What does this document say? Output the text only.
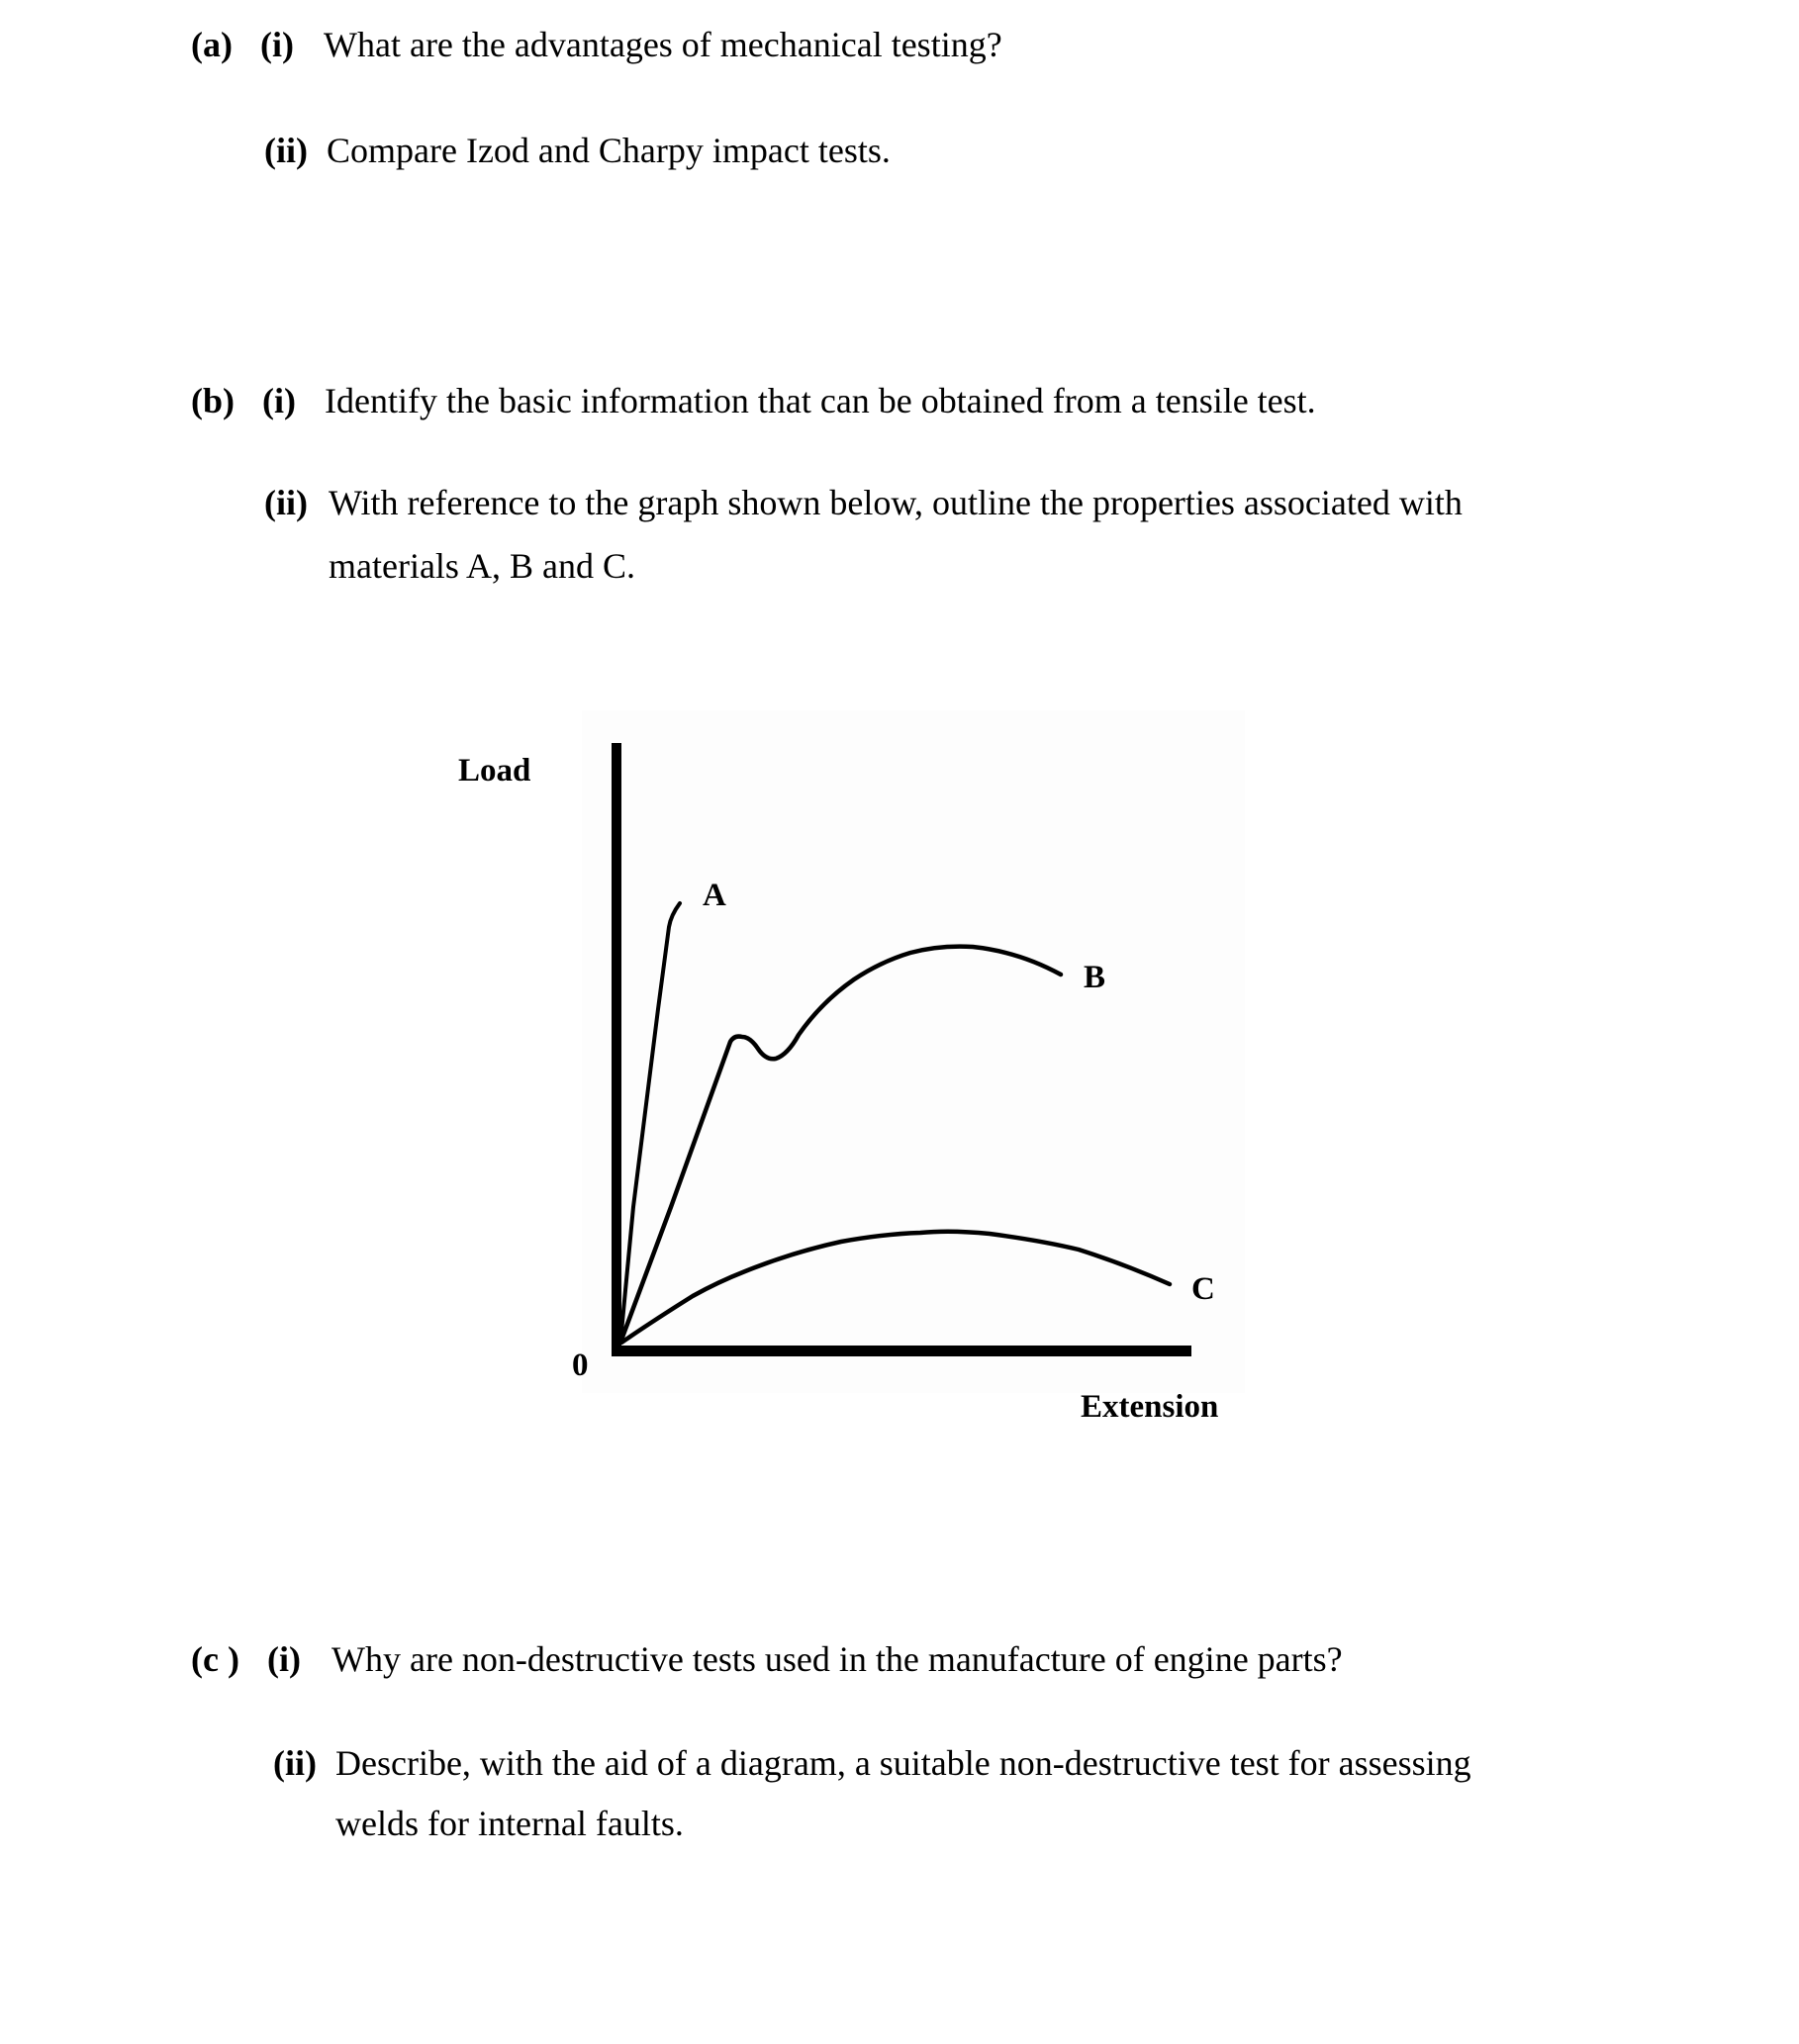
(a) (i) What are the advantages of mechanical testing?
(ii) Compare Izod and Charpy impact tests.
(b) (i) Identify the basic information that can be obtained from a tensile test.
(ii) With reference to the graph shown below, outline the properties associated with
materials A, B and C.
Load
Extension
0
A
B
C
(c ) (i) Why are non-destructive tests used in the manufacture of engine parts?
(ii) Describe, with the aid of a diagram, a suitable non-destructive test for assessing
welds for internal faults.
